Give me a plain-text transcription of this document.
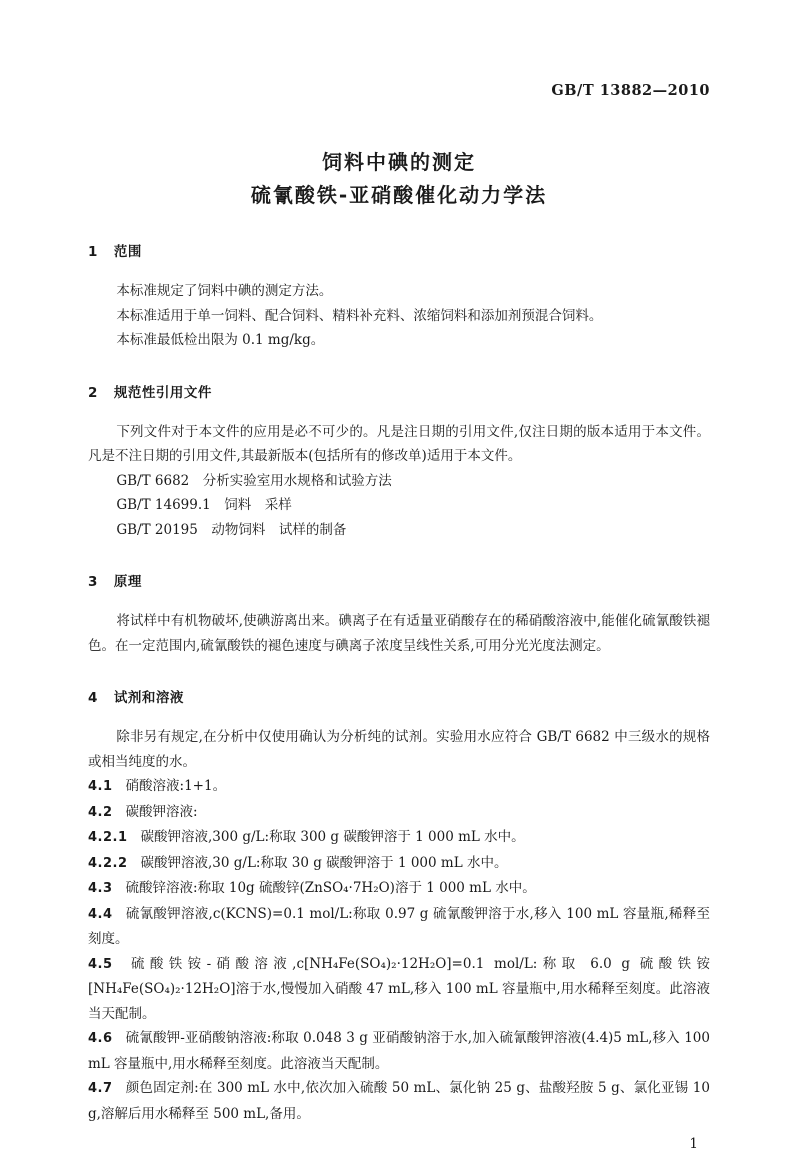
GB/T 13882—2010
饲料中碘的测定
硫氰酸铁-亚硝酸催化动力学法
1 范围

本标准规定了饲料中碘的测定方法。

本标准适用于单一饲料、配合饲料、精料补充料、浓缩饲料和添加剂预混合饲料。

本标准最低检出限为 0.1 mg/kg。

2 规范性引用文件

下列文件对于本文件的应用是必不可少的。凡是注日期的引用文件,仅注日期的版本适用于本文件。凡是不注日期的引用文件,其最新版本(包括所有的修改单)适用于本文件。

GB/T 6682　分析实验室用水规格和试验方法

GB/T 14699.1　饲料　采样

GB/T 20195　动物饲料　试样的制备

3 原理

将试样中有机物破坏,使碘游离出来。碘离子在有适量亚硝酸存在的稀硝酸溶液中,能催化硫氰酸铁褪色。在一定范围内,硫氰酸铁的褪色速度与碘离子浓度呈线性关系,可用分光光度法测定。

4 试剂和溶液

除非另有规定,在分析中仅使用确认为分析纯的试剂。实验用水应符合 GB/T 6682 中三级水的规格或相当纯度的水。

4.1 硝酸溶液:1+1。

4.2 碳酸钾溶液:

4.2.1 碳酸钾溶液,300 g/L:称取 300 g 碳酸钾溶于 1 000 mL 水中。

4.2.2 碳酸钾溶液,30 g/L:称取 30 g 碳酸钾溶于 1 000 mL 水中。

4.3 硫酸锌溶液:称取 10g 硫酸锌(ZnSO₄·7H₂O)溶于 1 000 mL 水中。

4.4 硫氰酸钾溶液,c(KCNS)=0.1 mol/L:称取 0.97 g 硫氰酸钾溶于水,移入 100 mL 容量瓶,稀释至刻度。

4.5 硫酸铁铵-硝酸溶液,c[NH₄Fe(SO₄)₂·12H₂O]=0.1 mol/L:称取 6.0 g 硫酸铁铵[NH₄Fe(SO₄)₂·12H₂O]溶于水,慢慢加入硝酸 47 mL,移入 100 mL 容量瓶中,用水稀释至刻度。此溶液当天配制。

4.6 硫氰酸钾-亚硝酸钠溶液:称取 0.048 3 g 亚硝酸钠溶于水,加入硫氰酸钾溶液(4.4)5 mL,移入 100 mL 容量瓶中,用水稀释至刻度。此溶液当天配制。

4.7 颜色固定剂:在 300 mL 水中,依次加入硫酸 50 mL、氯化钠 25 g、盐酸羟胺 5 g、氯化亚锡 10 g,溶解后用水稀释至 500 mL,备用。

1
